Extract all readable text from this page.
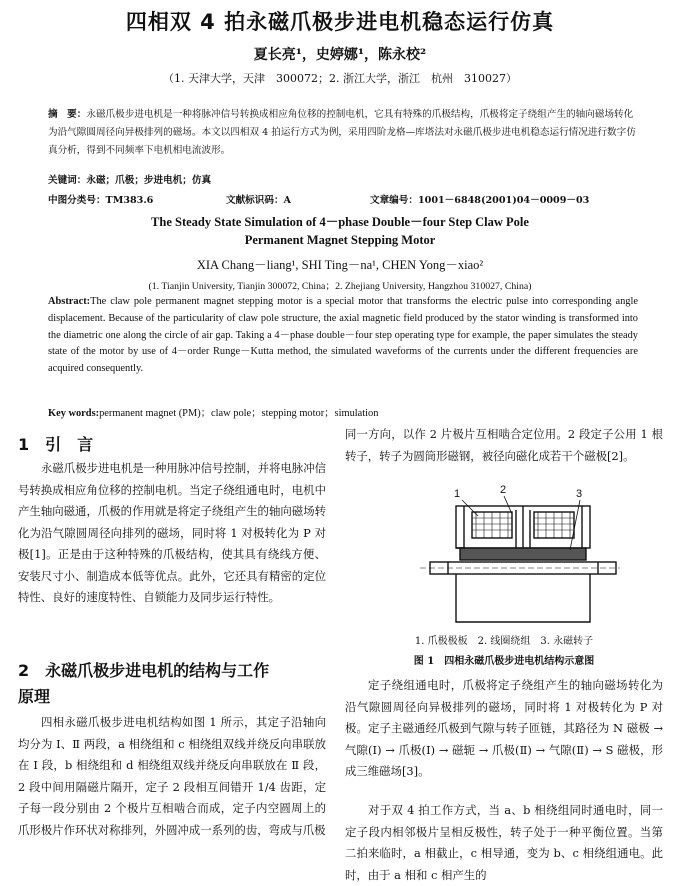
四相双 4 拍永磁爪极步进电机稳态运行仿真
夏长亮¹，史婷娜¹，陈永校²
（1. 天津大学，天津　300072；2. 浙江大学，浙江　杭州　310027）
摘　要：永磁爪极步进电机是一种将脉冲信号转换成相应角位移的控制电机，它具有特殊的爪极结构，爪极将定子绕组产生的轴向磁场转化为沿气隙圆周径向异极排列的磁场。本文以四相双 4 拍运行方式为例，采用四阶龙格—库塔法对永磁爪极步进电机稳态运行情况进行数字仿真分析，得到不同频率下电机相电流波形。
关键词：永磁；爪极；步进电机；仿真
中图分类号：TM383.6	文献标识码：A	文章编号：1001－6848(2001)04－0009－03
The Steady State Simulation of 4－phase Double－four Step Claw Pole
Permanent Magnet Stepping Motor
XIA Chang－liang¹, SHI Ting－na¹, CHEN Yong－xiao²
(1. Tianjin University, Tianjin 300072, China；2. Zhejiang University, Hangzhou 310027, China)
Abstract:The claw pole permanent magnet stepping motor is a special motor that transforms the electric pulse into corresponding angle displacement. Because of the particularity of claw pole structure, the axial magnetic field produced by the stator winding is transformed into the diametric one along the circle of air gap. Taking a 4－phase double－four step operating type for example, the paper simulates the steady state of the motor by use of 4－order Runge－Kutta method, the simulated waveforms of the currents under the different frequencies are acquired consequently.
Key words:permanent magnet (PM)；claw pole；stepping motor；simulation
1　引　言
永磁爪极步进电机是一种用脉冲信号控制，并将电脉冲信号转换成相应角位移的控制电机。当定子绕组通电时，电机中产生轴向磁通，爪极的作用就是将定子绕组产生的轴向磁场转化为沿气隙圆周径向排列的磁场，同时将 1 对极转化为 P 对极[1]。正是由于这种特殊的爪极结构，使其具有绕线方便、安装尺寸小、制造成本低等优点。此外，它还具有精密的定位特性、良好的速度特性、自锁能力及同步运行特性。
2　永磁爪极步进电机的结构与工作
原理
四相永磁爪极步进电机结构如图 1 所示，其定子沿轴向均分为 Ⅰ、Ⅱ 两段，a 相绕组和 c 相绕组双线并绕反向串联放在 Ⅰ 段，b 相绕组和 d 相绕组双线并绕反向串联放在 Ⅱ 段，2 段中间用隔磁片隔开，定子 2 段相互间错开 1/4 齿距，定子每一段分别由 2 个极片互相啮合而成，定子内空圆周上的爪形极片作环状对称排列，外圆冲成一系列的齿，弯成与爪极
同一方向，以作 2 片极片互相啮合定位用。2 段定子公用 1 根转子，转子为圆筒形磁钢，被径向磁化成若干个磁极[2]。
1	2	3
1. 爪极极板　2. 线圈绕组　3. 永磁转子
图 1　四相永磁爪极步进电机结构示意图
定子绕组通电时，爪极将定子绕组产生的轴向磁场转化为沿气隙圆周径向异极排列的磁场，同时将 1 对极转化为 P 对极。定子主磁通经爪极到气隙与转子匝链，其路径为 N 磁极 → 气隙(Ⅰ) → 爪极(Ⅰ) → 磁轭 → 爪极(Ⅱ) → 气隙(Ⅱ) → S 磁极，形成三维磁场[3]。
对于双 4 拍工作方式，当 a、b 相绕组同时通电时，同一定子段内相邻极片呈相反极性，转子处于一种平衡位置。当第二拍来临时，a 相截止，c 相导通，变为 b、c 相绕组通电。此时，由于 a 相和 c 相产生的
